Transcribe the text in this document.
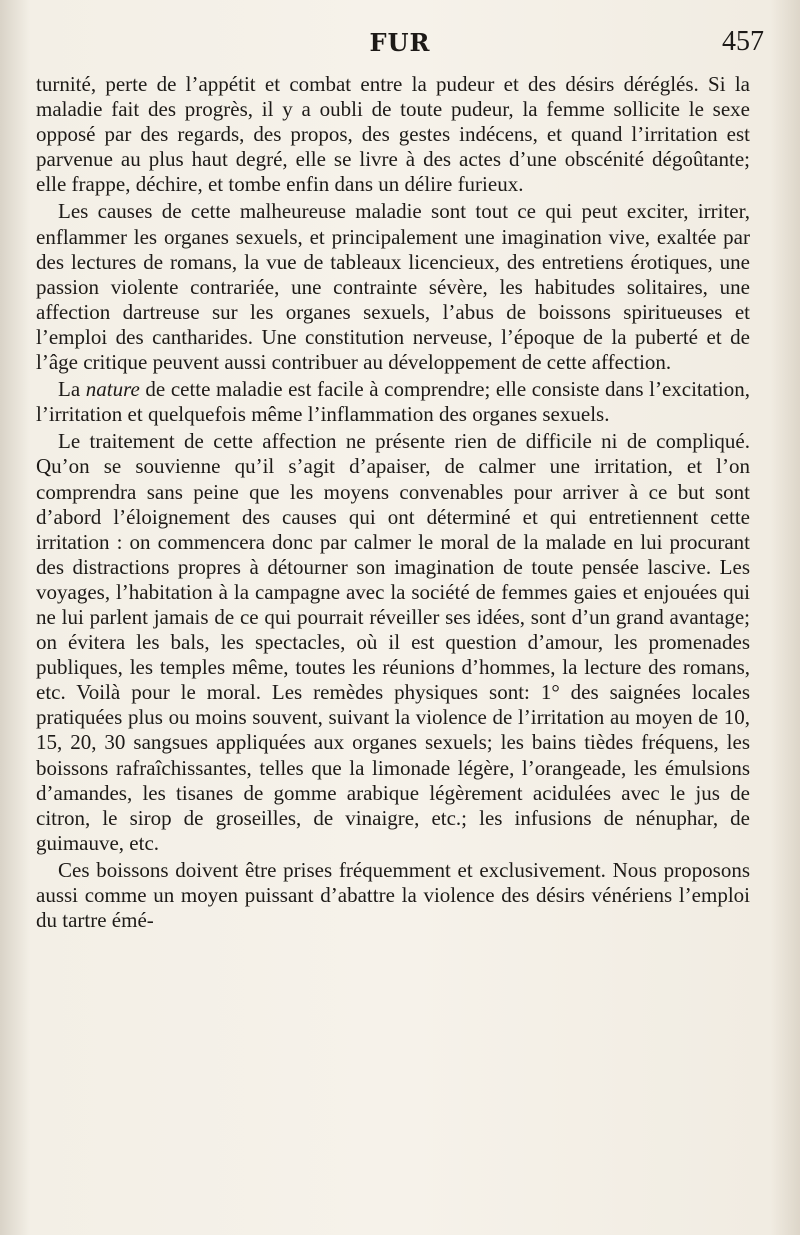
FUR	457

turnité, perte de l’appétit et combat entre la pudeur et des désirs déréglés. Si la maladie fait des progrès, il y a oubli de toute pudeur, la femme sollicite le sexe opposé par des regards, des propos, des gestes indécens, et quand l’irritation est parvenue au plus haut degré, elle se livre à des actes d’une obscénité dégoûtante; elle frappe, déchire, et tombe enfin dans un délire furieux.

Les causes de cette malheureuse maladie sont tout ce qui peut exciter, irriter, enflammer les organes sexuels, et principalement une imagination vive, exaltée par des lectures de romans, la vue de tableaux licencieux, des entretiens érotiques, une passion violente contrariée, une contrainte sévère, les habitudes solitaires, une affection dartreuse sur les organes sexuels, l’abus de boissons spiritueuses et l’emploi des cantharides. Une constitution nerveuse, l’époque de la puberté et de l’âge critique peuvent aussi contribuer au développement de cette affection.

La nature de cette maladie est facile à comprendre; elle consiste dans l’excitation, l’irritation et quelquefois même l’inflammation des organes sexuels.

Le traitement de cette affection ne présente rien de difficile ni de compliqué. Qu’on se souvienne qu’il s’agit d’apaiser, de calmer une irritation, et l’on comprendra sans peine que les moyens convenables pour arriver à ce but sont d’abord l’éloignement des causes qui ont déterminé et qui entretiennent cette irritation : on commencera donc par calmer le moral de la malade en lui procurant des distractions propres à détourner son imagination de toute pensée lascive. Les voyages, l’habitation à la campagne avec la société de femmes gaies et enjouées qui ne lui parlent jamais de ce qui pourrait réveiller ses idées, sont d’un grand avantage; on évitera les bals, les spectacles, où il est question d’amour, les promenades publiques, les temples même, toutes les réunions d’hommes, la lecture des romans, etc. Voilà pour le moral. Les remèdes physiques sont: 1° des saignées locales pratiquées plus ou moins souvent, suivant la violence de l’irritation au moyen de 10, 15, 20, 30 sangsues appliquées aux organes sexuels; les bains tièdes fréquens, les boissons rafraîchissantes, telles que la limonade légère, l’orangeade, les émulsions d’amandes, les tisanes de gomme arabique légèrement acidulées avec le jus de citron, le sirop de groseilles, de vinaigre, etc.; les infusions de nénuphar, de guimauve, etc.

Ces boissons doivent être prises fréquemment et exclusivement. Nous proposons aussi comme un moyen puissant d’abattre la violence des désirs vénériens l’emploi du tartre émé-
